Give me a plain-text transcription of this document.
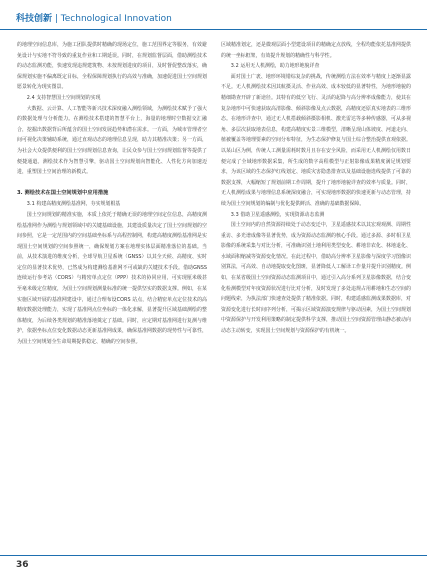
科技创新 | Technological Innovation

的地理空间信息库，为施工团队提供时精确的现场定位，施工范围界定等服务，有效避免设计与实地不符导致的重复作业和工期延误。同时，在规划监督层面，借助测绘技术的动态监测功能，快速发现违规建筑物、未按规划进度的项目，及时督促整改落实，确保规划实施不偏离既定目标，全程保障规划执行的高效与准确，加速促进国土空间规划愿景转化为现实图景。

2.4 支持智慧国土空间规划的实现

大数据、云计算、人工智能等新兴技术深度融入测绘领域，为测绘技术赋予了强大的数据处理与分析能力。在测绘技术搭建的智慧平台上，海量的地理时空数据交汇融合，挖掘出数据背后所蕴含的国土空间发展趋势和潜在需求。一方面，为城市管理者空间可视化决策辅助系统，通过直观动态的地理信息呈现，助力其精准决策；另一方面，为社会大众提供便利的国土空间规划信息查询，让民众参与国土空间规划监督等提供了便捷通道。测绘技术作为智慧引擎，驱动国土空间规划向智能化、人性化方向加速迈进，重塑国土空间治理的新模式。

3. 测绘技术在国土空间规划中应用措施
3.1 构建高精度测绘基准网，夯实规划根基

国土空间规划的精准实施，本质上依托于精确无误的地理空间定位信息，高精度测绘基准网作为测绘与规划领域中的关键基础设施，其建设质量决定了国土空间规划的空间参照，它是一定范围内的空间基础坐标系与高程控制网，构建高精度测绘基准网是实现国土空间规划的空间参照统一，确保规划方案在地理实体层面精准落位的基础。当前，从技术演进的维度分析，全球导航卫星系统（GNSS）以其全天候、高精度、实时定位的显著技术优势，已然成为构建测绘基准网不可或缺的关键技术手段。借助GNSS 连续运行参考站（CORS）与精密单点定位（PPP）技术的协同应用，可实现厘米级甚至毫米级定位精度，为国土空间规划测量标准的统一提供坚实的数据支撑。例如，在某实施区域开展的基准网建设中，通过合理布设CORS 站点，结合精密单点定位技术的高精度数据处理能力，实现了基准网点位坐标的一体化求解，显著提升区域基础测绘的整体精度，为后续各类规划的精准落地奠定了基础。同时，应定期对基准网进行复测与维护，依据坐标点位变化数据动态更新基准网成果，确保基准网数据的现势性与可靠性，为国土空间规划全生命周期提供稳定、精确的空间参照。

区域精准划定，还是微观层面小型建设项目的精确定点放线，全程均能依托基准网提供的统一坐标框架，有效提升规划的精确性与科学性。

3.2 运用无人机测绘，助力地形地貌详查

面对国土广袤、地形环境错综复杂的挑战，传统测绘方法在效率与精度上逐渐显露不足。无人机测绘技术因其航摄灵活、作业高效、成本较低的显著特性，为地形地貌的精细勘查开辟了新途径。其特有的低空飞行、灵活的起降与高分辨率成像能力，使其在复杂地形中可快速获取高清影像、倾斜影像及点云数据，高精度还原真实地表的三维形态。在地形详查中，通过无人机搭载倾斜摄影相机、激光雷达等多种传感器，可从多视角、多层次获取地表信息，构建高精度实景三维模型，清晰呈现山体坡度、河道走向、植被覆盖等地理要素的空间分布特征，为生态保护修复与国土综合整治提供直观依据。以某山区为例，传统人工测量需耗时数月且存在安全风险，而采用无人机测绘仅用数日便完成了全域地形数据采集，所生成的数字高程模型与正射影像成果精度满足规划要求，为该区域的生态保护红线划定、地质灾害隐患排查以及基础设施选线提供了可靠的数据支撑，大幅缩短了规划前期工作周期，提升了地形地貌详查的效率与质量。同时，无人机测绘成果与地理信息系统深度融合，可实现地形数据的快速更新与动态管理，持续为国土空间规划的编制与优化提供鲜活、准确的基础数据保障。

3.3 借助卫星遥感测绘，实现资源动态监测

国土空间内的自然资源持续处于动态变迁中，卫星遥感技术以其宏观观测、周期性重访、多光谱成像等显著优势，成为资源动态监测的核心手段。通过多源、多时相卫星影像的系统采集与对比分析，可准确识别土地利用类型变化、耕地非农化、林地退化、水域面积缩减等资源变化情况。在此过程中，借助高分辨率卫星影像与深度学习图像识别算法，可高效、自动地提取变化图斑，显著降低人工解译工作量并提升识别精度。例如，在某省级国土空间资源动态监测项目中，通过引入高分系列卫星影像数据，结合变化检测模型对年度资源状况进行比对分析，及时发现了多处违规占用耕地和生态空间的问题线索，为执法部门快速查处提供了精准依据。同时，构建遥感监测成果数据库，对资源变化进行长时间序列分析，可揭示区域资源演变规律与驱动因素，为国土空间规划中资源保护与开发利用策略的制定提供科学支撑，推动国土空间资源管理由静态被动向动态主动转变，实现国土空间规划与资源保护的有机统一。

36
